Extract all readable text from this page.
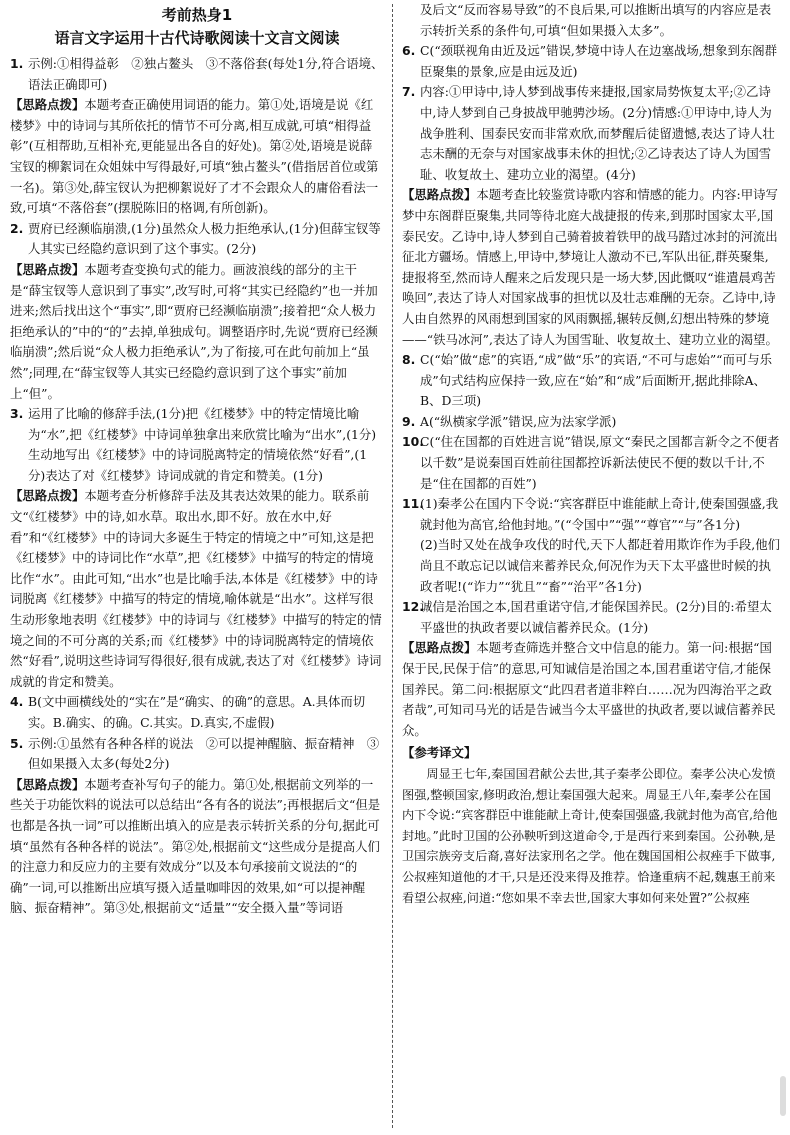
考前热身1
语言文字运用十古代诗歌阅读十文言文阅读
1. 示例:①相得益彰　②独占鳌头　③不落俗套(每处1分,符合语境、语法正确即可)
【思路点拨】本题考查正确使用词语的能力。第①处,语境是说《红楼梦》中的诗词与其所依托的情节不可分离,相互成就,可填“相得益彰”(互相帮助,互相补充,更能显出各自的好处)。第②处,语境是说薛宝钗的柳絮词在众姐妹中写得最好,可填“独占鳌头”(借指居首位或第一名)。第③处,薛宝钗认为把柳絮说好了才不会跟众人的庸俗看法一致,可填“不落俗套”(摆脱陈旧的格调,有所创新)。
2. 贾府已经濒临崩溃,(1分)虽然众人极力拒绝承认,(1分)但薛宝钗等人其实已经隐约意识到了这个事实。(2分)
【思路点拨】本题考查变换句式的能力。画波浪线的部分的主干是“薛宝钗等人意识到了事实”,改写时,可将“其实已经隐约”也一并加进来;然后找出这个“事实”,即“贾府已经濒临崩溃”;接着把“众人极力拒绝承认的”中的“的”去掉,单独成句。调整语序时,先说“贾府已经濒临崩溃”;然后说“众人极力拒绝承认”,为了衔接,可在此句前加上“虽然”;同理,在“薛宝钗等人其实已经隐约意识到了这个事实”前加上“但”。
3. 运用了比喻的修辞手法,(1分)把《红楼梦》中的特定情境比喻为“水”,把《红楼梦》中诗词单独拿出来欣赏比喻为“出水”,(1分)生动地写出《红楼梦》中的诗词脱离特定的情境依然“好看”,(1分)表达了对《红楼梦》诗词成就的肯定和赞美。(1分)
【思路点拨】本题考查分析修辞手法及其表达效果的能力。联系前文“《红楼梦》中的诗,如水草。取出水,即不好。放在水中,好看”和“《红楼梦》中的诗词大多诞生于特定的情境之中”可知,这是把《红楼梦》中的诗词比作“水草”,把《红楼梦》中描写的特定的情境比作“水”。由此可知,“出水”也是比喻手法,本体是《红楼梦》中的诗词脱离《红楼梦》中描写的特定的情境,喻体就是“出水”。这样写很生动形象地表明《红楼梦》中的诗词与《红楼梦》中描写的特定的情境之间的不可分离的关系;而《红楼梦》中的诗词脱离特定的情境依然“好看”,说明这些诗词写得很好,很有成就,表达了对《红楼梦》诗词成就的肯定和赞美。
4. B(文中画横线处的“实在”是“确实、的确”的意思。A.具体而切实。B.确实、的确。C.其实。D.真实,不虚假)
5. 示例:①虽然有各种各样的说法　②可以提神醒脑、振奋精神　③但如果摄入太多(每处2分)
【思路点拨】本题考查补写句子的能力。第①处,根据前文列举的一些关于功能饮料的说法可以总结出“各有各的说法”;再根据后文“但是也都是各执一词”可以推断出填入的应是表示转折关系的分句,据此可填“虽然有各种各样的说法”。第②处,根据前文“这些成分是提高人们的注意力和反应力的主要有效成分”以及本句承接前文说法的“的确”一词,可以推断出应填写摄入适量咖啡因的效果,如“可以提神醒脑、振奋精神”。第③处,根据前文“适量”“安全摄入量”等词语
及后文“反而容易导致”的不良后果,可以推断出填写的内容应是表示转折关系的条件句,可填“但如果摄入太多”。
6. C(“颈联视角由近及远”错误,梦境中诗人在边塞战场,想象到东阁群臣聚集的景象,应是由远及近)
7. 内容:①甲诗中,诗人梦到战事传来捷报,国家局势恢复太平;②乙诗中,诗人梦到自己身披战甲驰骋沙场。(2分)情感:①甲诗中,诗人为战争胜利、国泰民安而非常欢欣,而梦醒后徒留遗憾,表达了诗人壮志未酬的无奈与对国家战事未休的担忧;②乙诗表达了诗人为国雪耻、收复故土、建功立业的渴望。(4分)
【思路点拨】本题考查比较鉴赏诗歌内容和情感的能力。内容:甲诗写梦中东阁群臣聚集,共同等待北庭大战捷报的传来,到那时国家太平,国泰民安。乙诗中,诗人梦到自己骑着披着铁甲的战马踏过冰封的河流出征北方疆场。情感上,甲诗中,梦境让人激动不已,军队出征,群英聚集,捷报将至,然而诗人醒来之后发现只是一场大梦,因此慨叹“谁遣晨鸡苦唤回”,表达了诗人对国家战事的担忧以及壮志难酬的无奈。乙诗中,诗人由自然界的风雨想到国家的风雨飘摇,辗转反侧,幻想出特殊的梦境——“铁马冰河”,表达了诗人为国雪耻、收复故土、建功立业的渴望。
8. C(“始”做“虑”的宾语,“成”做“乐”的宾语,“不可与虑始”“而可与乐成”句式结构应保持一致,应在“始”和“成”后面断开,据此排除A、B、D三项)
9. A(“纵横家学派”错误,应为法家学派)
10.
C(“住在国都的百姓进言说”错误,原文“秦民之国都言新令之不便者以千数”是说秦国百姓前往国都控诉新法使民不便的数以千计,不是“住在国都的百姓”)
11.
(1)秦孝公在国内下令说:“宾客群臣中谁能献上奇计,使秦国强盛,我就封他为高官,给他封地。”(“令国中”“强”“尊官”“与”各1分)
(2)当时又处在战争攻伐的时代,天下人都赶着用欺诈作为手段,他们尚且不敢忘记以诚信来蓄养民众,何况作为天下太平盛世时候的执政者呢!(“诈力”“犹且”“畜”“治平”各1分)
12.
诚信是治国之本,国君重诺守信,才能保国养民。(2分)目的:希望太平盛世的执政者要以诚信蓄养民众。(1分)
【思路点拨】本题考查筛选并整合文中信息的能力。第一问:根据“国保于民,民保于信”的意思,可知诚信是治国之本,国君重诺守信,才能保国养民。第二问:根据原文“此四君者道非粹白……况为四海治平之政者哉”,可知司马光的话是告诫当今太平盛世的执政者,要以诚信蓄养民众。
【参考译文】
周显王七年,秦国国君献公去世,其子秦孝公即位。秦孝公决心发愤图强,整顿国家,修明政治,想让秦国强大起来。周显王八年,秦孝公在国内下令说:“宾客群臣中谁能献上奇计,使秦国强盛,我就封他为高官,给他封地。”此时卫国的公孙鞅听到这道命令,于是西行来到秦国。公孙鞅,是卫国宗族旁支后裔,喜好法家刑名之学。他在魏国国相公叔痤手下做事,公叔痤知道他的才干,只是还没来得及推荐。恰逢重病不起,魏惠王前来看望公叔痤,问道:“您如果不幸去世,国家大事如何来处置?”公叔痤
